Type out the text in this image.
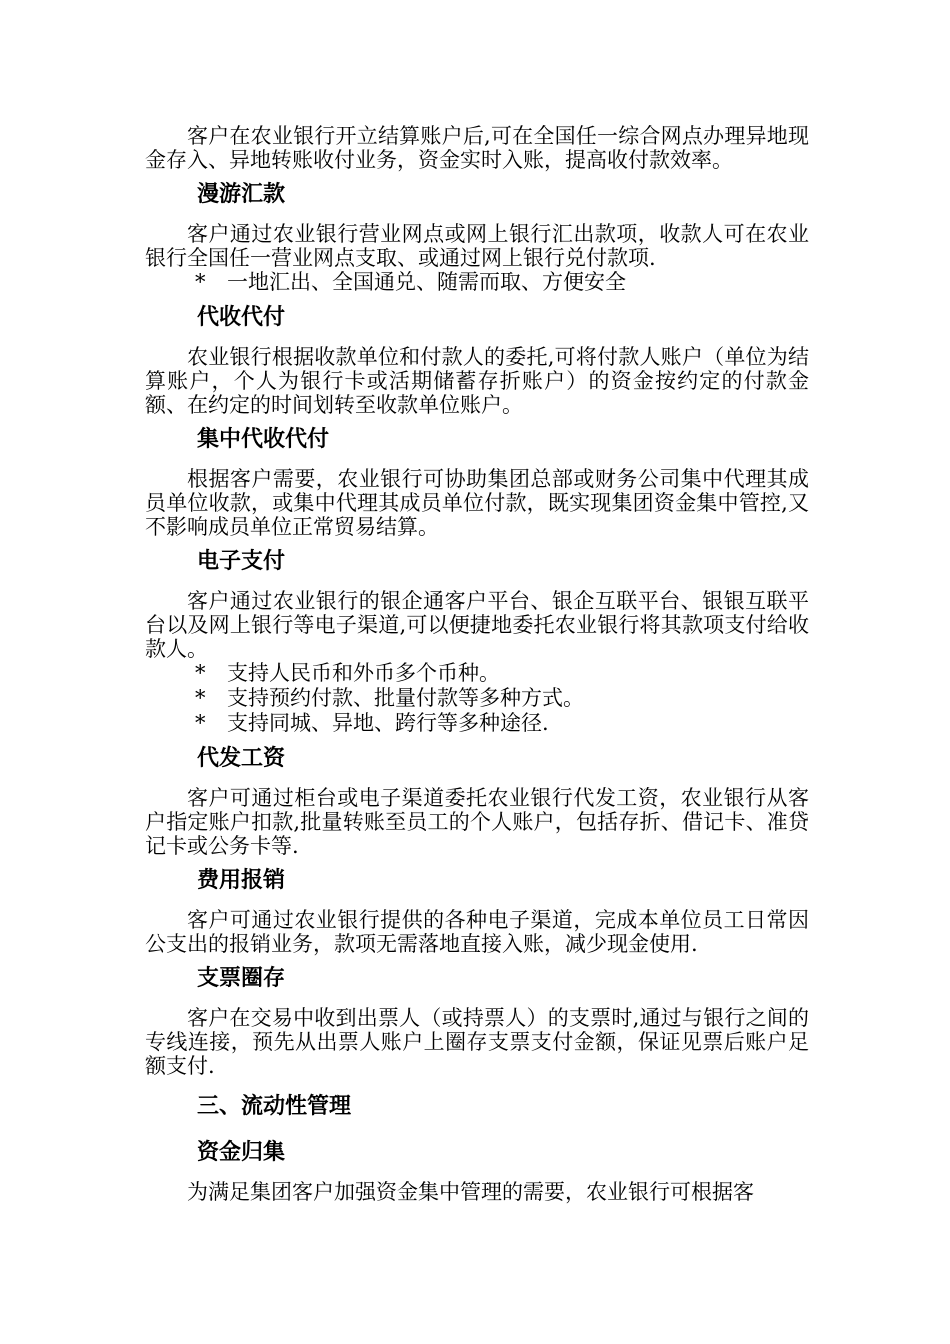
客户在农业银行开立结算账户后,可在全国任一综合网点办理异地现金存入、异地转账收付业务，资金实时入账，提高收付款效率。

漫游汇款

客户通过农业银行营业网点或网上银行汇出款项，收款人可在农业银行全国任一营业网点支取、或通过网上银行兑付款项.

*	一地汇出、全国通兑、随需而取、方便安全
代收代付

农业银行根据收款单位和付款人的委托,可将付款人账户（单位为结算账户，个人为银行卡或活期储蓄存折账户）的资金按约定的付款金额、在约定的时间划转至收款单位账户。

集中代收代付

根据客户需要，农业银行可协助集团总部或财务公司集中代理其成员单位收款，或集中代理其成员单位付款，既实现集团资金集中管控,又不影响成员单位正常贸易结算。

电子支付

客户通过农业银行的银企通客户平台、银企互联平台、银银互联平台以及网上银行等电子渠道,可以便捷地委托农业银行将其款项支付给收款人。

*	支持人民币和外币多个币种。
*	支持预约付款、批量付款等多种方式。
*	支持同城、异地、跨行等多种途径.
代发工资

客户可通过柜台或电子渠道委托农业银行代发工资，农业银行从客户指定账户扣款,批量转账至员工的个人账户，包括存折、借记卡、准贷记卡或公务卡等.

费用报销

客户可通过农业银行提供的各种电子渠道，完成本单位员工日常因公支出的报销业务，款项无需落地直接入账，减少现金使用.

支票圈存

客户在交易中收到出票人（或持票人）的支票时,通过与银行之间的专线连接，预先从出票人账户上圈存支票支付金额，保证见票后账户足额支付.

三、流动性管理
资金归集

为满足集团客户加强资金集中管理的需要，农业银行可根据客
